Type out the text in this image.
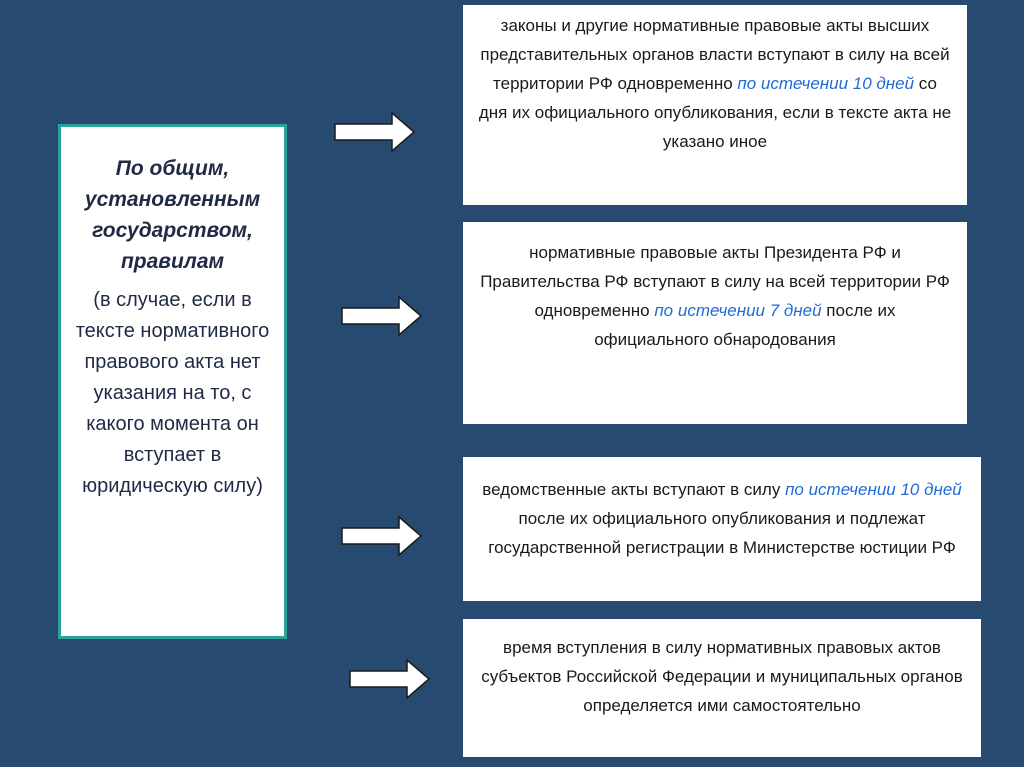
По общим, установленным государством, правилам

(в случае, если в тексте нормативного правового акта нет указания на то, с какого момента он вступает в юридическую силу)

законы и другие нормативные правовые акты высших представительных органов власти вступают в силу на всей территории РФ одновременно по истечении 10 дней со дня их официального опубликования, если в тексте акта не указано иное
нормативные правовые акты Президента РФ и Правительства РФ вступают в силу на всей территории РФ одновременно по истечении 7 дней после их официального обнародования
ведомственные акты вступают в силу по истечении 10 дней после их официального опубликования и подлежат государственной регистрации в Министерстве юстиции РФ
время вступления в силу нормативных правовых актов субъектов Российской Федерации и муниципальных органов определяется ими самостоятельно
